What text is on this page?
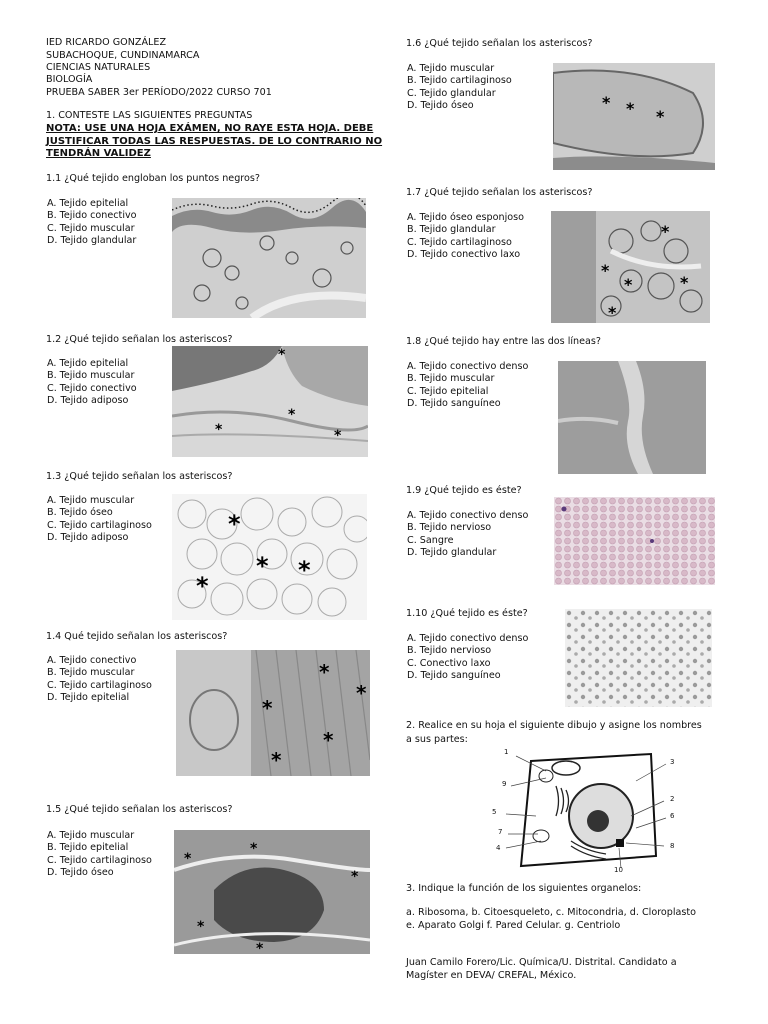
IED RICARDO GONZÁLEZ
SUBACHOQUE, CUNDINAMARCA
CIENCIAS NATURALES
BIOLOGÍA
PRUEBA SABER 3er PERÍODO/2022 CURSO 701
1. CONTESTE LAS SIGUIENTES PREGUNTAS
NOTA: USE UNA HOJA EXÁMEN, NO RAYE ESTA HOJA. DEBE
JUSTIFICAR TODAS LAS RESPUESTAS. DE LO CONTRARIO NO
TENDRÁN VALIDEZ
1.1 ¿Qué tejido engloban los puntos negros?
A. Tejido epitelial
B. Tejido conectivo
C. Tejido muscular
D. Tejido glandular
1.2 ¿Qué tejido señalan los asteriscos?
A. Tejido epitelial
B. Tejido muscular
C. Tejido conectivo
D. Tejido adiposo
*
*
*	*
1.3 ¿Qué tejido señalan los asteriscos?
A. Tejido muscular
B. Tejido óseo
C. Tejido cartilaginoso
D. Tejido adiposo	*
* *
*
1.4 Qué tejido señalan los asteriscos?
A. Tejido conectivo
B. Tejido muscular
C. Tejido cartilaginoso
D. Tejido epitelial
*
*
*
*
*
1.5 ¿Qué tejido señalan los asteriscos?
A. Tejido muscular
B. Tejido epitelial
C. Tejido cartilaginoso
D. Tejido óseo
*
*
*
*
*
1.6 ¿Qué tejido señalan los asteriscos?
A. Tejido muscular
B. Tejido cartilaginoso
C. Tejido glandular
D. Tejido óseo	* * *
1.7 ¿Qué tejido señalan los asteriscos?
A. Tejido óseo esponjoso
B. Tejido glandular
C. Tejido cartilaginoso
D. Tejido conectivo laxo
*
*
*	*
*
1.8 ¿Qué tejido hay entre las dos líneas?
A. Tejido conectivo denso
B. Tejido muscular
C. Tejido epitelial
D. Tejido sanguíneo
1.9 ¿Qué tejido es éste?
A. Tejido conectivo denso
B. Tejido nervioso
C. Sangre
D. Tejido glandular
1.10 ¿Qué tejido es éste?
A. Tejido conectivo denso
B. Tejido nervioso
C. Conectivo laxo
D. Tejido sanguíneo
2. Realice en su hoja el siguiente dibujo y asigne los nombres
a sus partes:
1
3
9
2
5	6
7
4	8
10
3. Indique la función de los siguientes organelos:
a. Ribosoma, b. Citoesqueleto, c. Mitocondria, d. Cloroplasto
e. Aparato Golgi f. Pared Celular. g. Centriolo
Juan Camilo Forero/Lic. Química/U. Distrital. Candidato a
Magíster en DEVA/ CREFAL, México.
